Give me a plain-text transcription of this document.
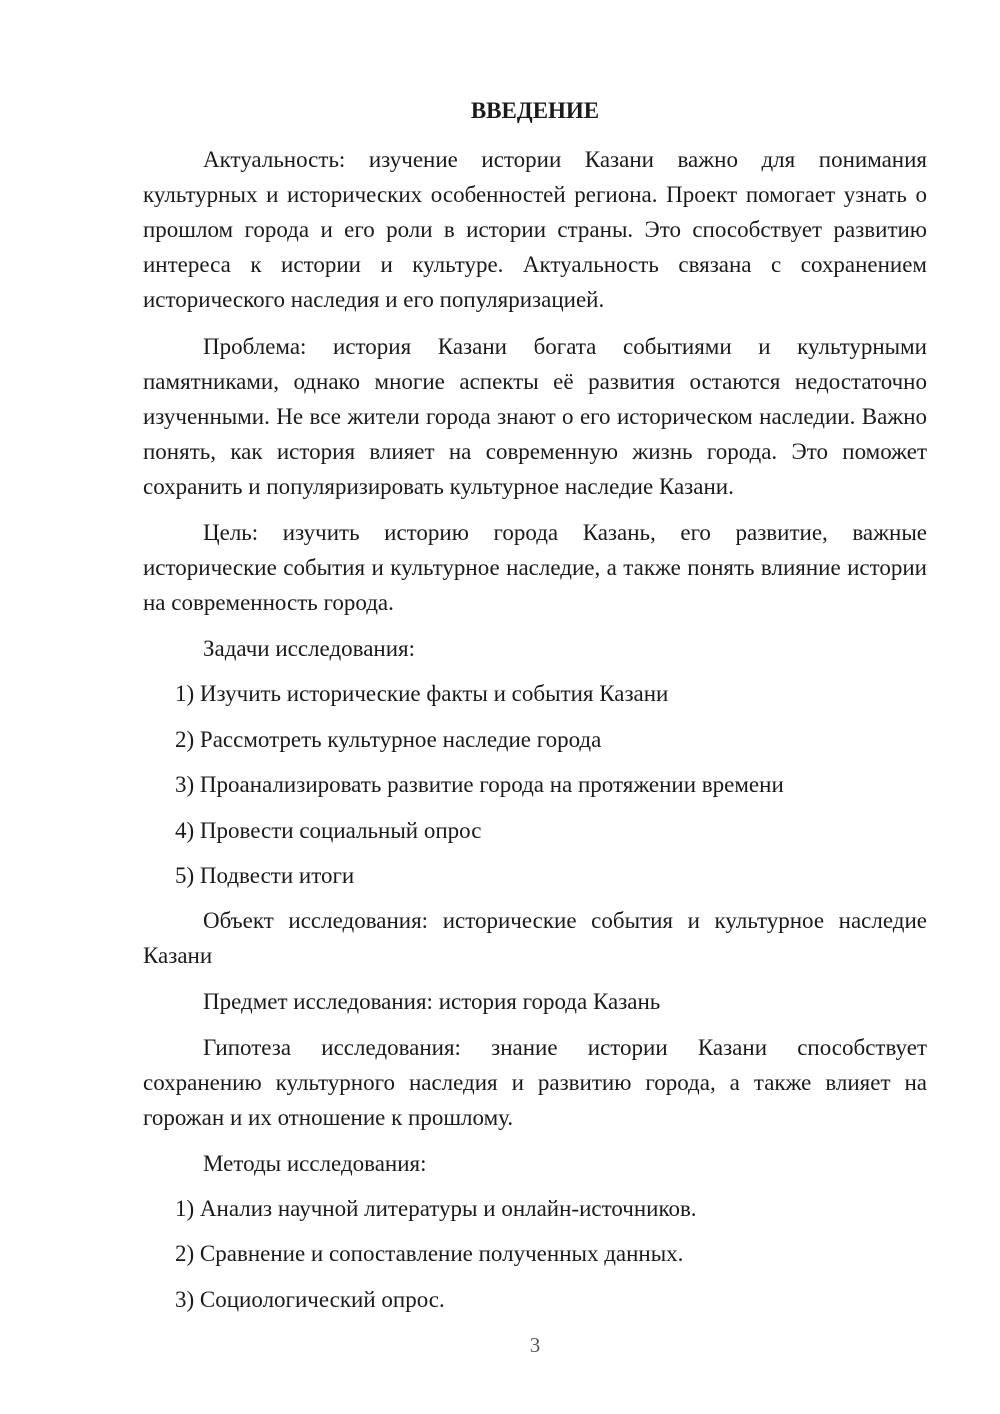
ВВЕДЕНИЕ

Актуальность: изучение истории Казани важно для понимания культурных и исторических особенностей региона. Проект помогает узнать о прошлом города и его роли в истории страны. Это способствует развитию интереса к истории и культуре. Актуальность связана с сохранением исторического наследия и его популяризацией.

Проблема: история Казани богата событиями и культурными памятниками, однако многие аспекты её развития остаются недостаточно изученными. Не все жители города знают о его историческом наследии. Важно понять, как история влияет на современную жизнь города. Это поможет сохранить и популяризировать культурное наследие Казани.

Цель: изучить историю города Казань, его развитие, важные исторические события и культурное наследие, а также понять влияние истории на современность города.

Задачи исследования:

1) Изучить исторические факты и события Казани

2) Рассмотреть культурное наследие города

3) Проанализировать развитие города на протяжении времени

4) Провести социальный опрос

5) Подвести итоги

Объект исследования: исторические события и культурное наследие Казани

Предмет исследования: история города Казань

Гипотеза исследования: знание истории Казани способствует сохранению культурного наследия и развитию города, а также влияет на горожан и их отношение к прошлому.

Методы исследования:

1) Анализ научной литературы и онлайн-источников.

2) Сравнение и сопоставление полученных данных.

3) Социологический опрос.

3
